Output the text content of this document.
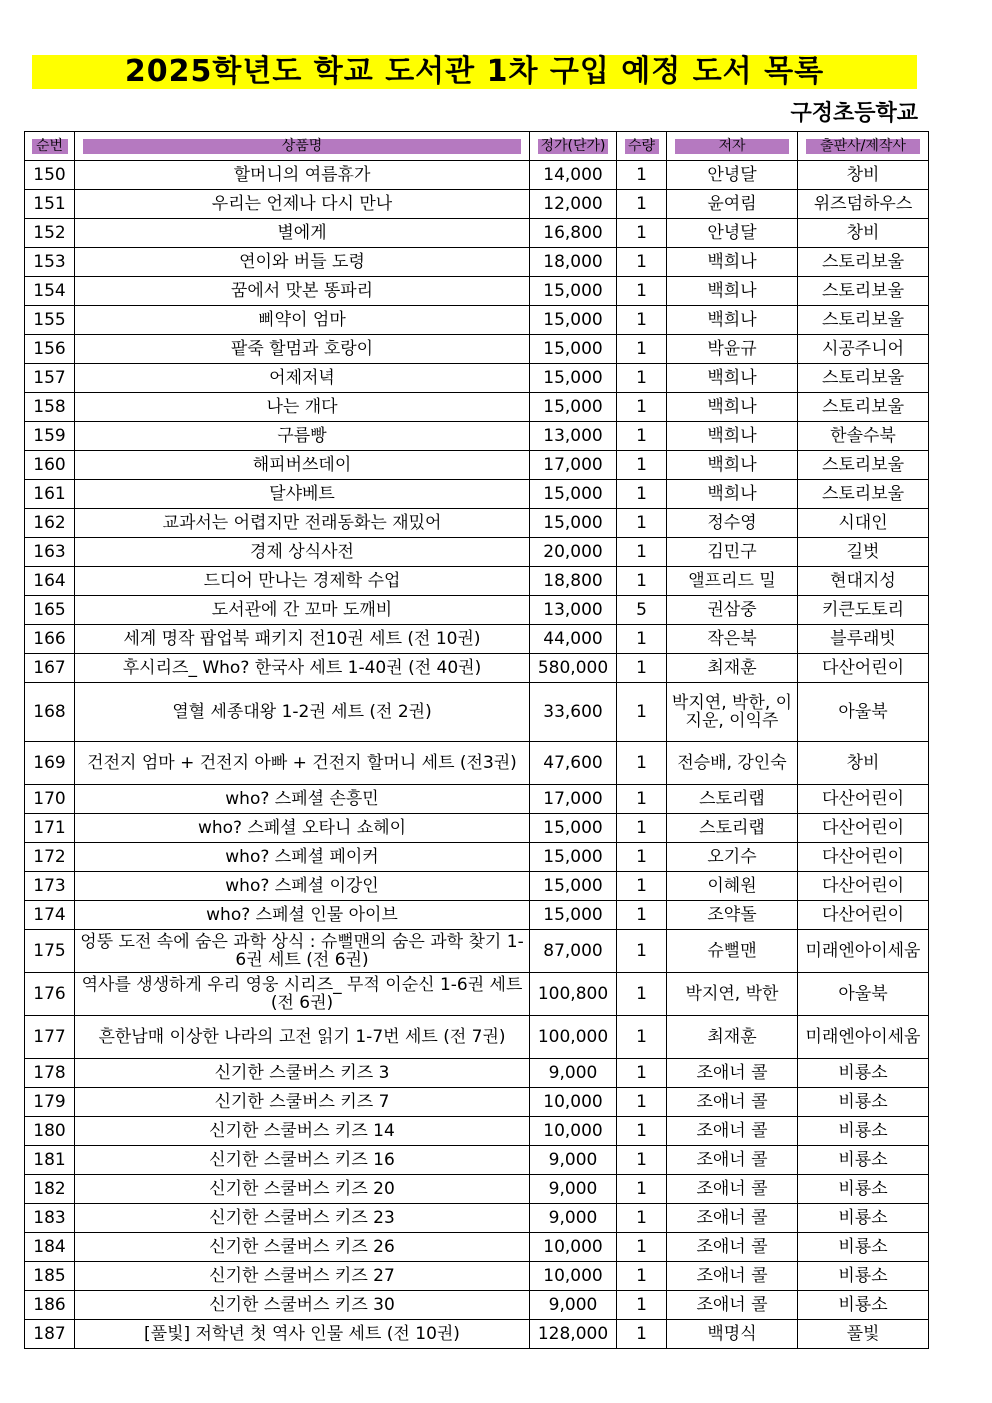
2025학년도 학교 도서관 1차 구입 예정 도서 목록
구정초등학교
순번	상품명	정가(단가)	수량	저자	출판사/제작사

150	할머니의 여름휴가	14,000	1	안녕달	창비
151	우리는 언제나 다시 만나	12,000	1	윤여림	위즈덤하우스
152	별에게	16,800	1	안녕달	창비
153	연이와 버들 도령	18,000	1	백희나	스토리보울
154	꿈에서 맛본 똥파리	15,000	1	백희나	스토리보울
155	삐약이 엄마	15,000	1	백희나	스토리보울
156	팥죽 할멈과 호랑이	15,000	1	박윤규	시공주니어
157	어제저녁	15,000	1	백희나	스토리보울
158	나는 개다	15,000	1	백희나	스토리보울
159	구름빵	13,000	1	백희나	한솔수북
160	해피버쓰데이	17,000	1	백희나	스토리보울
161	달샤베트	15,000	1	백희나	스토리보울
162	교과서는 어렵지만 전래동화는 재밌어	15,000	1	정수영	시대인
163	경제 상식사전	20,000	1	김민구	길벗
164	드디어 만나는 경제학 수업	18,800	1	앨프리드 밀	현대지성
165	도서관에 간 꼬마 도깨비	13,000	5	권삼중	키큰도토리
166	세계 명작 팝업북 패키지 전10권 세트 (전 10권)	44,000	1	작은북	블루래빗
167	후시리즈_ Who? 한국사 세트 1-40권 (전 40권)	580,000	1	최재훈	다산어린이
168	열혈 세종대왕 1-2권 세트 (전 2권)	33,600	1	박지연, 박한, 이지운, 이익주	아울북
169	건전지 엄마 + 건전지 아빠 + 건전지 할머니 세트 (전3권)	47,600	1	전승배, 강인숙	창비
170	who? 스페셜 손흥민	17,000	1	스토리랩	다산어린이
171	who? 스페셜 오타니 쇼헤이	15,000	1	스토리랩	다산어린이
172	who? 스페셜 페이커	15,000	1	오기수	다산어린이
173	who? 스페셜 이강인	15,000	1	이혜원	다산어린이
174	who? 스페셜 인물 아이브	15,000	1	조약돌	다산어린이
175	엉뚱 도전 속에 숨은 과학 상식 : 슈뻘맨의 숨은 과학 찾기 1-6권 세트 (전 6권)	87,000	1	슈뻘맨	미래엔아이세움
176	역사를 생생하게 우리 영웅 시리즈_ 무적 이순신 1-6권 세트 (전 6권)	100,800	1	박지연, 박한	아울북
177	흔한남매 이상한 나라의 고전 읽기 1-7번 세트 (전 7권)	100,000	1	최재훈	미래엔아이세움
178	신기한 스쿨버스 키즈 3	9,000	1	조애너 콜	비룡소
179	신기한 스쿨버스 키즈 7	10,000	1	조애너 콜	비룡소
180	신기한 스쿨버스 키즈 14	10,000	1	조애너 콜	비룡소
181	신기한 스쿨버스 키즈 16	9,000	1	조애너 콜	비룡소
182	신기한 스쿨버스 키즈 20	9,000	1	조애너 콜	비룡소
183	신기한 스쿨버스 키즈 23	9,000	1	조애너 콜	비룡소
184	신기한 스쿨버스 키즈 26	10,000	1	조애너 콜	비룡소
185	신기한 스쿨버스 키즈 27	10,000	1	조애너 콜	비룡소
186	신기한 스쿨버스 키즈 30	9,000	1	조애너 콜	비룡소
187	[풀빛] 저학년 첫 역사 인물 세트 (전 10권)	128,000	1	백명식	풀빛
